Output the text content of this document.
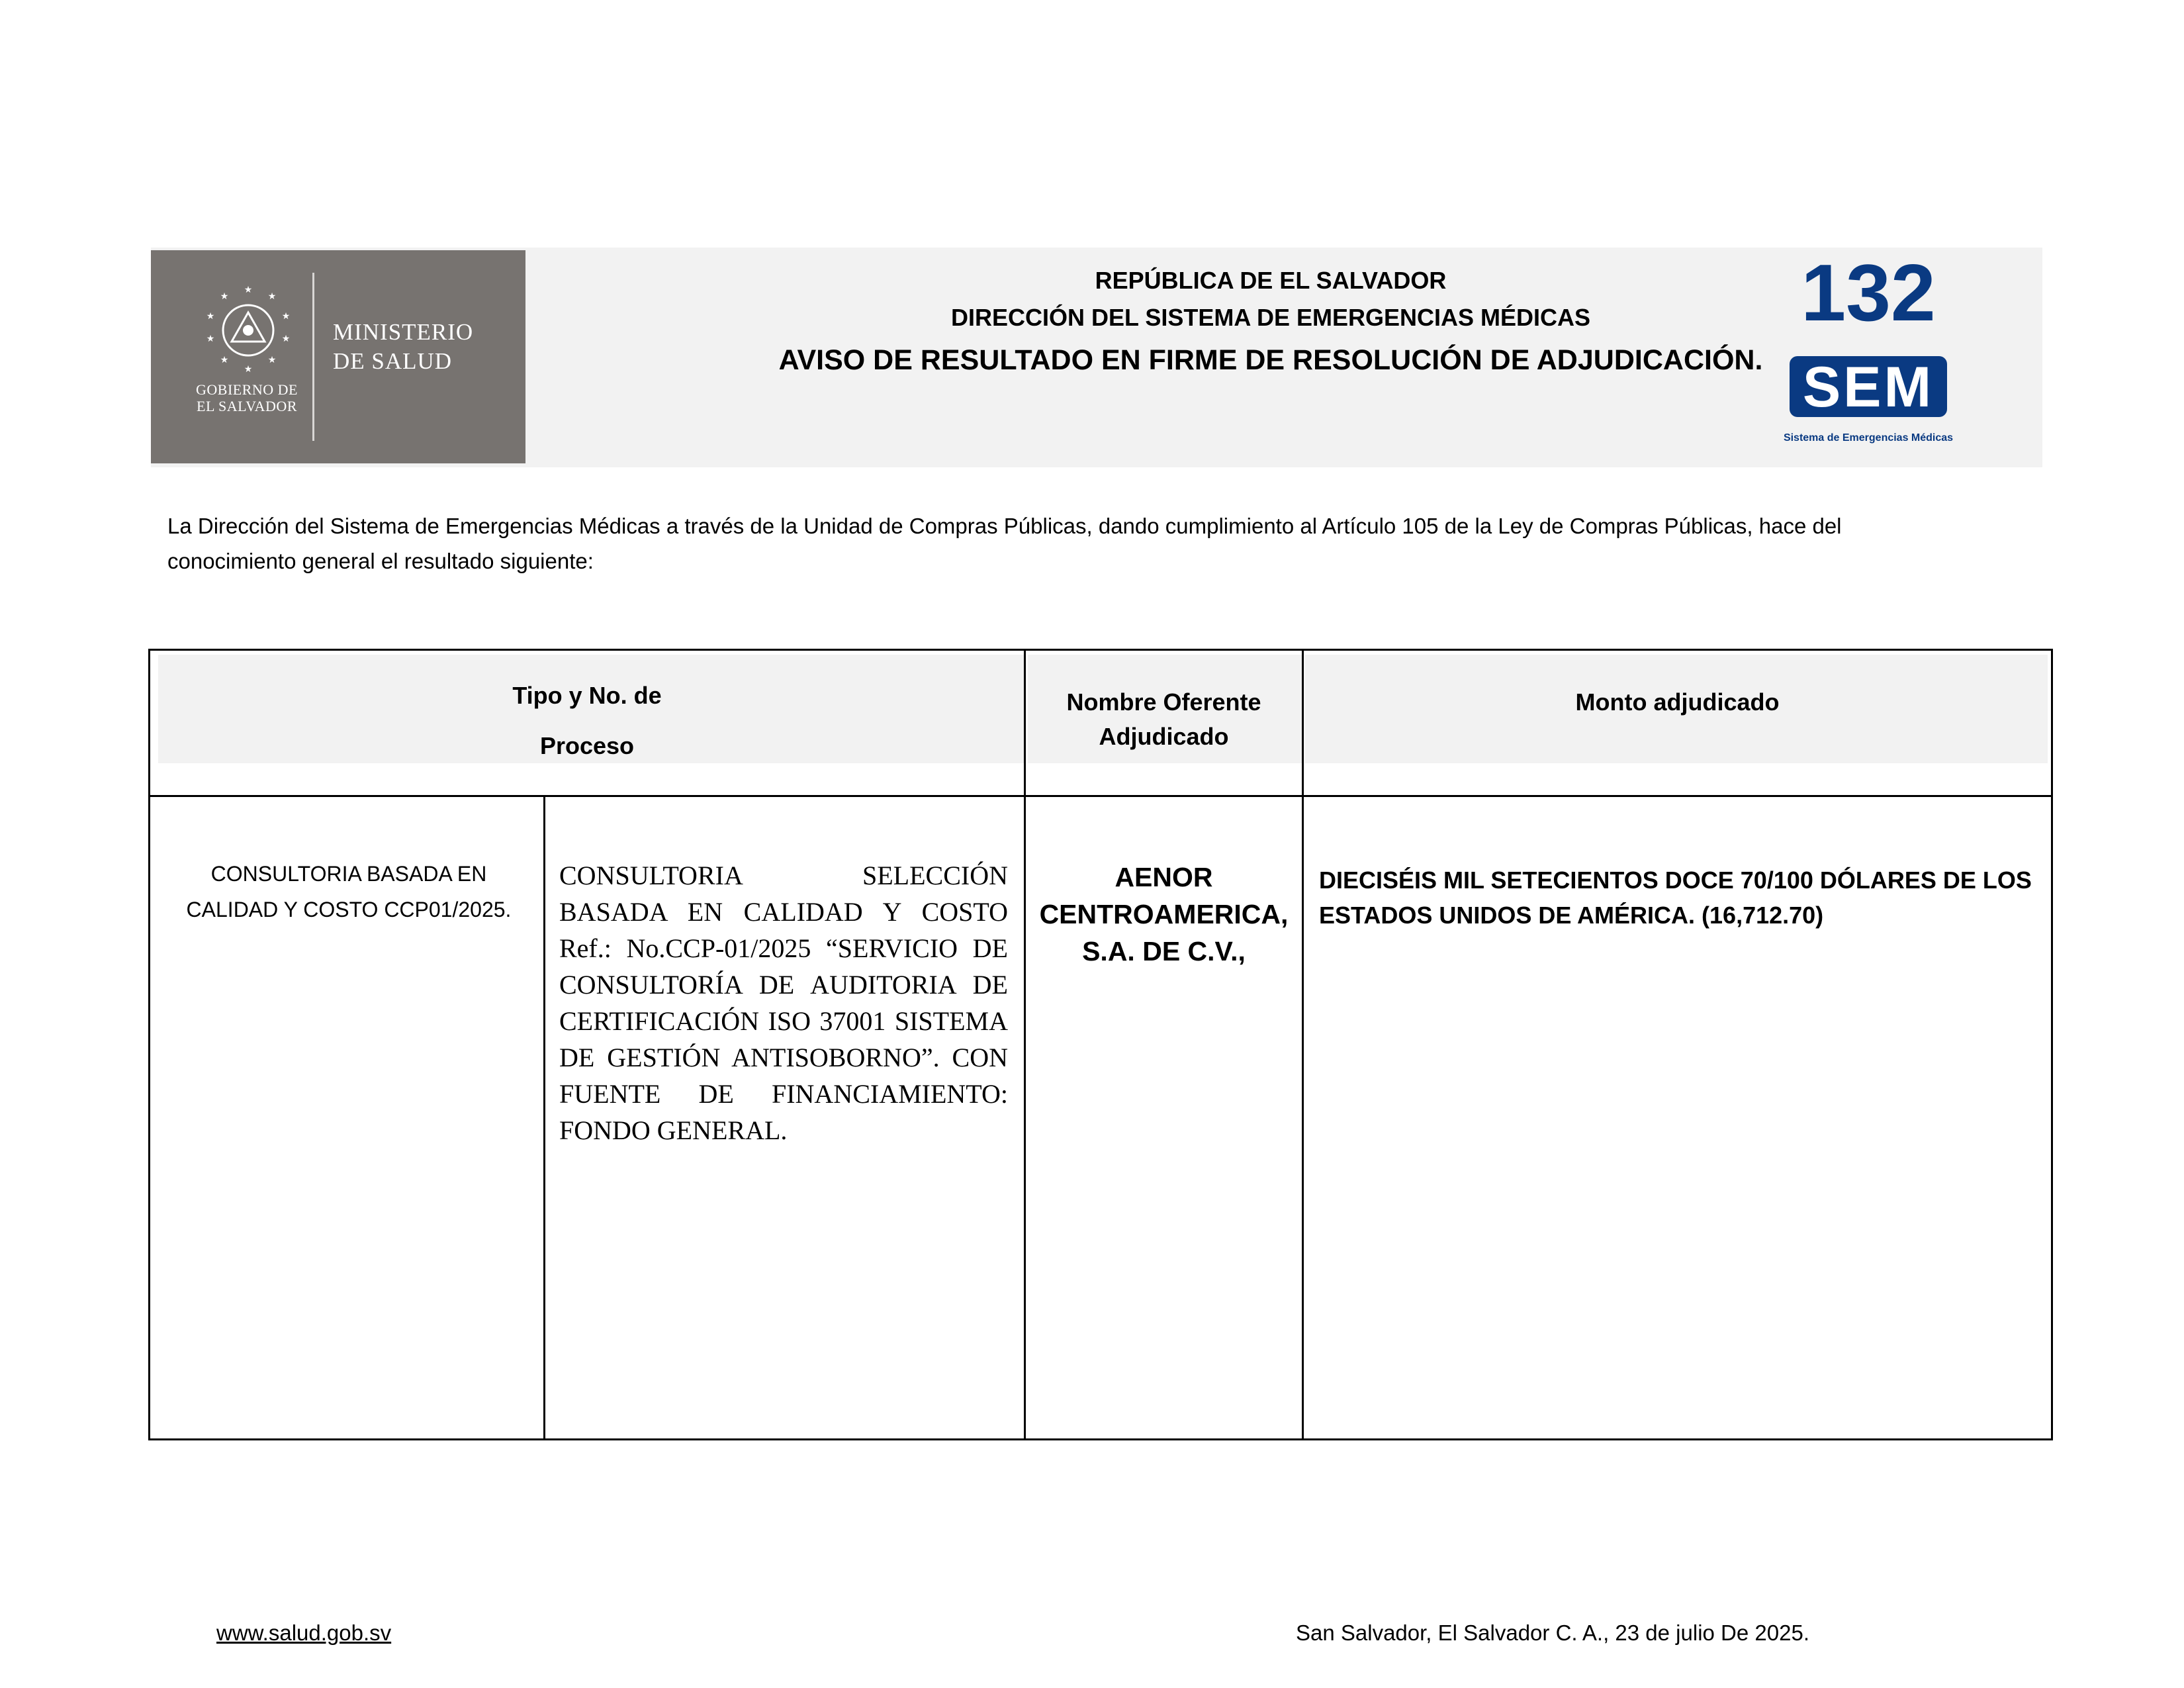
★
★
★
★
★
★
★
★
★
★
MINISTERIO
DE SALUD
GOBIERNO DE
EL SALVADOR
REPÚBLICA DE EL SALVADOR
DIRECCIÓN DEL SISTEMA DE EMERGENCIAS MÉDICAS
AVISO DE RESULTADO EN FIRME DE RESOLUCIÓN DE ADJUDICACIÓN.
132
SEM
Sistema de Emergencias Médicas
La Dirección del Sistema de Emergencias Médicas a través de la Unidad de Compras Públicas, dando cumplimiento al Artículo 105 de la Ley de Compras Públicas, hace del conocimiento general el resultado siguiente:
Tipo y No. de
Proceso
Nombre Oferente
Adjudicado
Monto adjudicado
CONSULTORIA BASADA EN
CALIDAD Y COSTO CCP01/2025.
CONSULTORIA SELECCIÓN BASADA EN CALIDAD Y COSTO Ref.: No.CCP-01/2025 “SERVICIO DE CONSULTORÍA DE AUDITORIA DE CERTIFICACIÓN ISO 37001 SISTEMA DE GESTIÓN ANTISOBORNO”. CON FUENTE DE FINANCIAMIENTO: FONDO GENERAL.
AENOR
CENTROAMERICA,
S.A. DE C.V.,
DIECISÉIS MIL SETECIENTOS DOCE 70/100 DÓLARES DE LOS ESTADOS UNIDOS DE AMÉRICA. (16,712.70)
www.salud.gob.sv	San Salvador, El Salvador C. A., 23 de julio De 2025.
